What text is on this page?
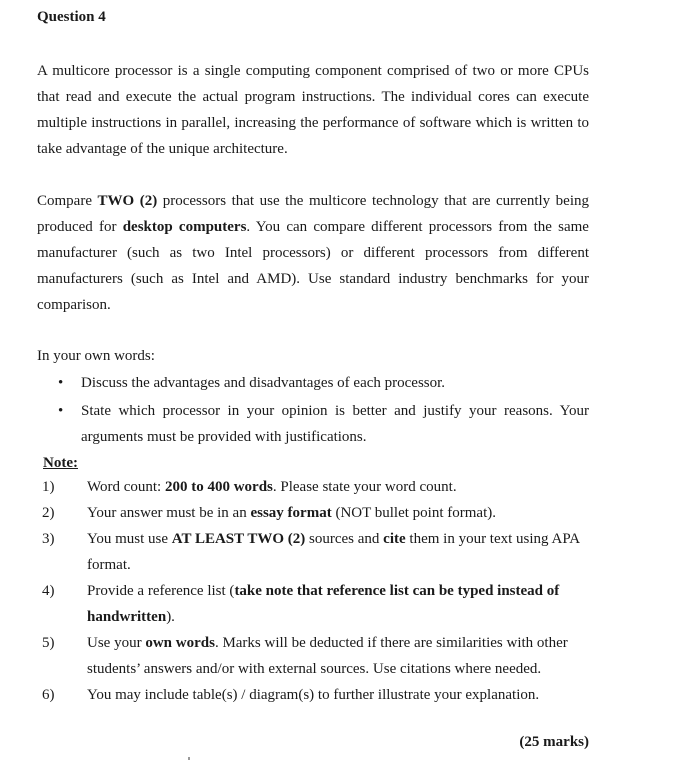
Question 4

A multicore processor is a single computing component comprised of two or more CPUs that read and execute the actual program instructions. The individual cores can execute multiple instructions in parallel, increasing the performance of software which is written to take advantage of the unique architecture.

Compare TWO (2) processors that use the multicore technology that are currently being produced for desktop computers. You can compare different processors from the same manufacturer (such as two Intel processors) or different processors from different manufacturers (such as Intel and AMD). Use standard industry benchmarks for your comparison.

In your own words:

• Discuss the advantages and disadvantages of each processor.
• State which processor in your opinion is better and justify your reasons. Your arguments must be provided with justifications.
Note:
1) Word count: 200 to 400 words. Please state your word count.
2) Your answer must be in an essay format (NOT bullet point format).
3) You must use AT LEAST TWO (2) sources and cite them in your text using APA format.
4) Provide a reference list (take note that reference list can be typed instead of handwritten).
5) Use your own words. Marks will be deducted if there are similarities with other students’ answers and/or with external sources. Use citations where needed.
6) You may include table(s) / diagram(s) to further illustrate your explanation.
(25 marks)
